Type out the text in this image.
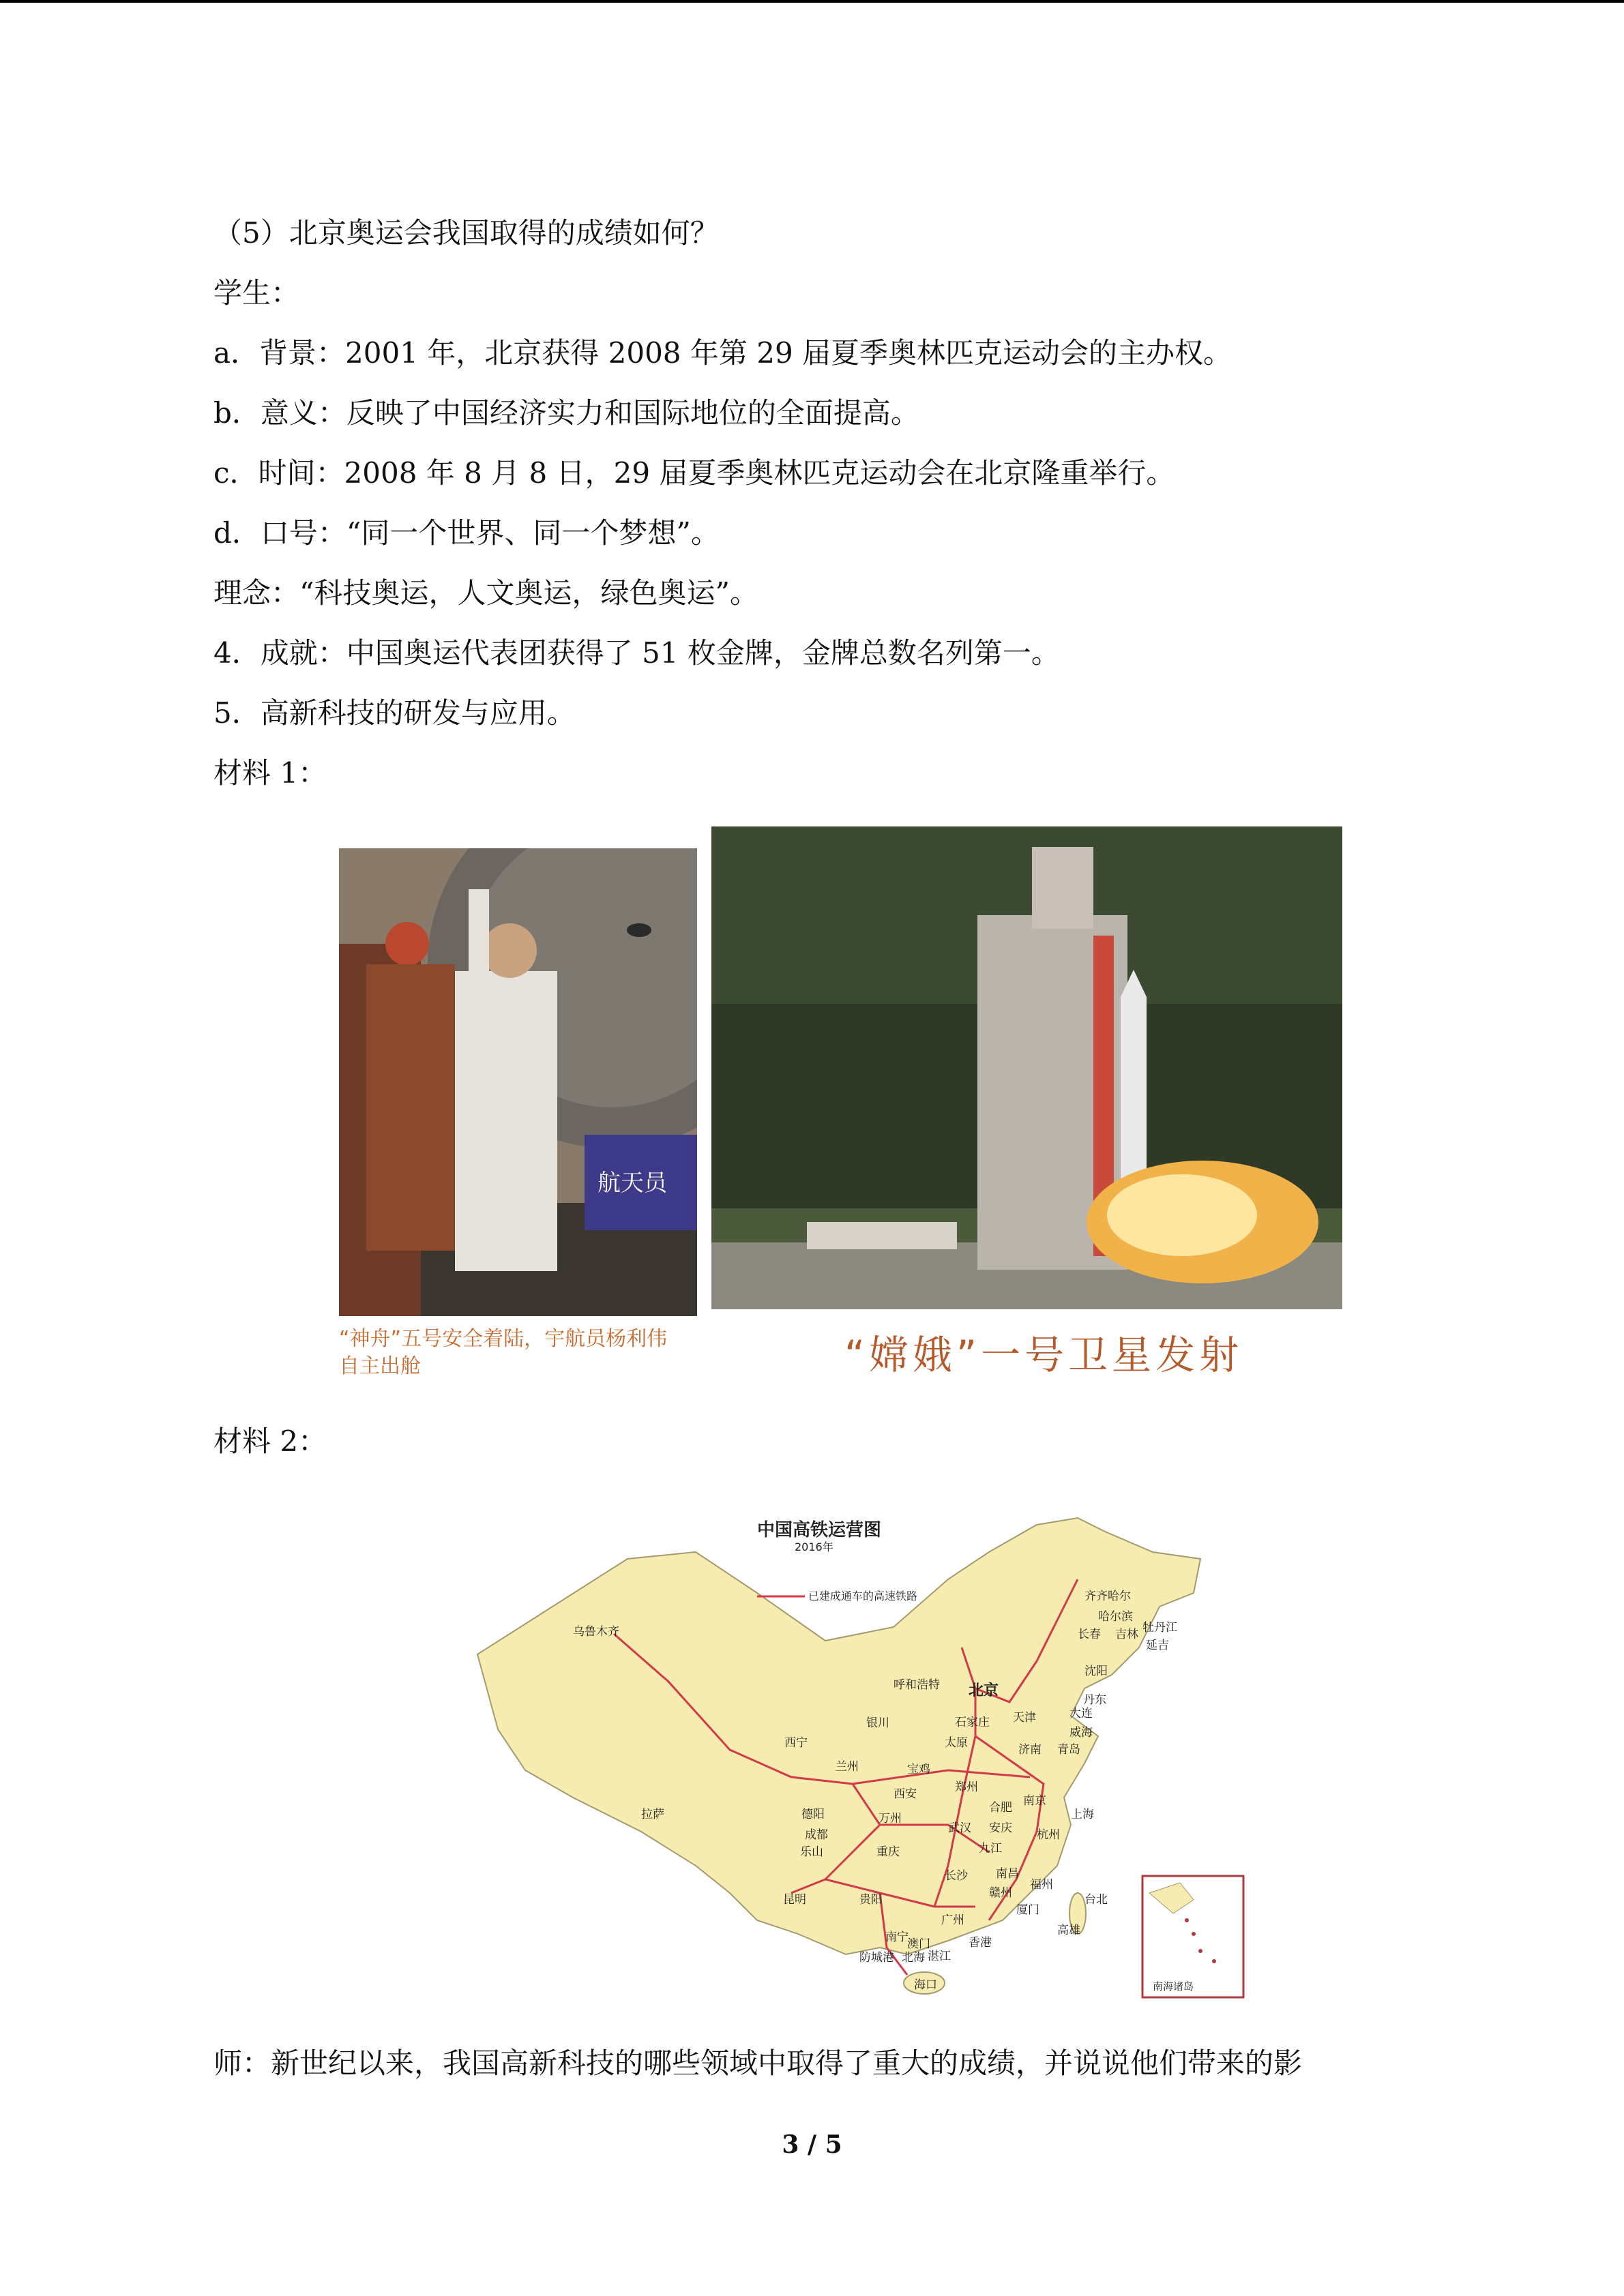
（5）北京奥运会我国取得的成绩如何？
学生：
a．背景：2001 年，北京获得 2008 年第 29 届夏季奥林匹克运动会的主办权。
b．意义：反映了中国经济实力和国际地位的全面提高。
c．时间：2008 年 8 月 8 日，29 届夏季奥林匹克运动会在北京隆重举行。
d．口号：“同一个世界、同一个梦想”。
理念：“科技奥运，人文奥运，绿色奥运”。
4．成就：中国奥运代表团获得了 51 枚金牌，金牌总数名列第一。
5．高新科技的研发与应用。
材料 1：
航天员
“神舟”五号安全着陆，宇航员杨利伟
自主出舱	“嫦娥”一号卫星发射
材料 2：
中国高铁运营图
2016年
已建成通车的高速铁路
乌鲁木齐
齐齐哈尔
哈尔滨
长春 吉林 牡丹江
延吉
沈阳
丹东
大连
呼和浩特 北京
天津
石家庄
太原	济南 青岛
威海
银川
西宁
兰州	宝鸡
西安	郑州
合肥 南京
上海
杭州
武汉 安庆
九江
拉萨	德阳
成都
乐山
万州
重庆
长沙 南昌
赣州
福州
厦门
台北
高雄
昆明	贵阳
广州
香港
澳门
南宁
防城港 北海 湛江
海口	南海诸岛
师：新世纪以来，我国高新科技的哪些领域中取得了重大的成绩，并说说他们带来的影
3 / 5
